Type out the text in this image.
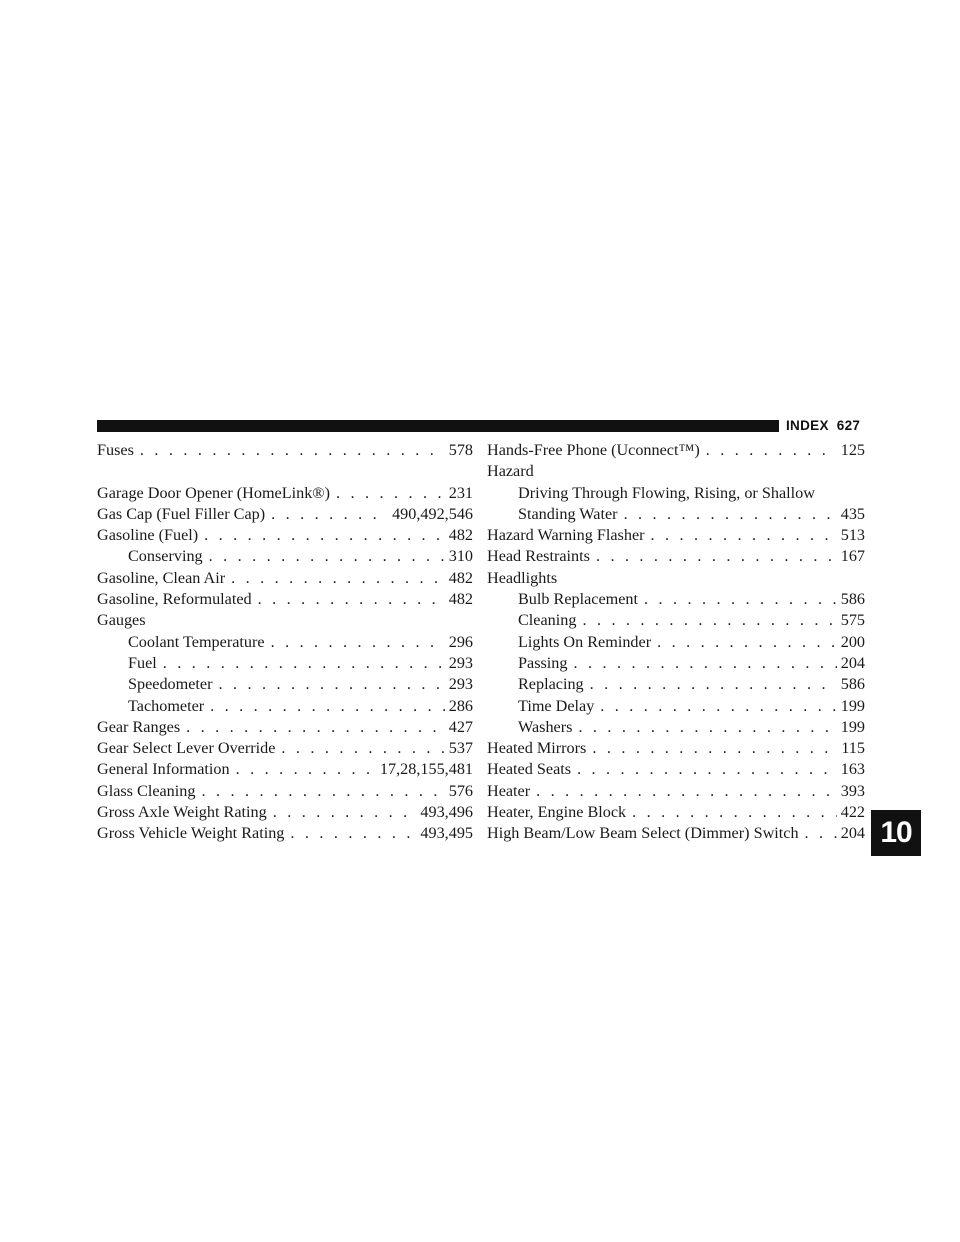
INDEX 627
Fuses . . .	578
Garage Door Opener (HomeLink®) . . .	231
Gas Cap (Fuel Filler Cap) . . .	490,492,546
Gasoline (Fuel) . . .	482
Conserving . . .	310
Gasoline, Clean Air . . .	482
Gasoline, Reformulated . . .	482
Gauges
Coolant Temperature . . .	296
Fuel . . .	293
Speedometer . . .	293
Tachometer . . .	286
Gear Ranges . . .	427
Gear Select Lever Override . . .	537
General Information . . .	17,28,155,481
Glass Cleaning . . .	576
Gross Axle Weight Rating . . .	493,496
Gross Vehicle Weight Rating . . .	493,495
Hands-Free Phone (Uconnect™) . . .	125
Hazard
Driving Through Flowing, Rising, or Shallow
Standing Water . . .	435
Hazard Warning Flasher . . .	513
Head Restraints . . .	167
Headlights
Bulb Replacement . . .	586
Cleaning . . .	575
Lights On Reminder . . .	200
Passing . . .	204
Replacing . . .	586
Time Delay . . .	199
Washers . . .	199
Heated Mirrors . . .	115
Heated Seats . . .	163
Heater . . .	393
Heater, Engine Block . . .	422
High Beam/Low Beam Select (Dimmer) Switch . . .	204 10
